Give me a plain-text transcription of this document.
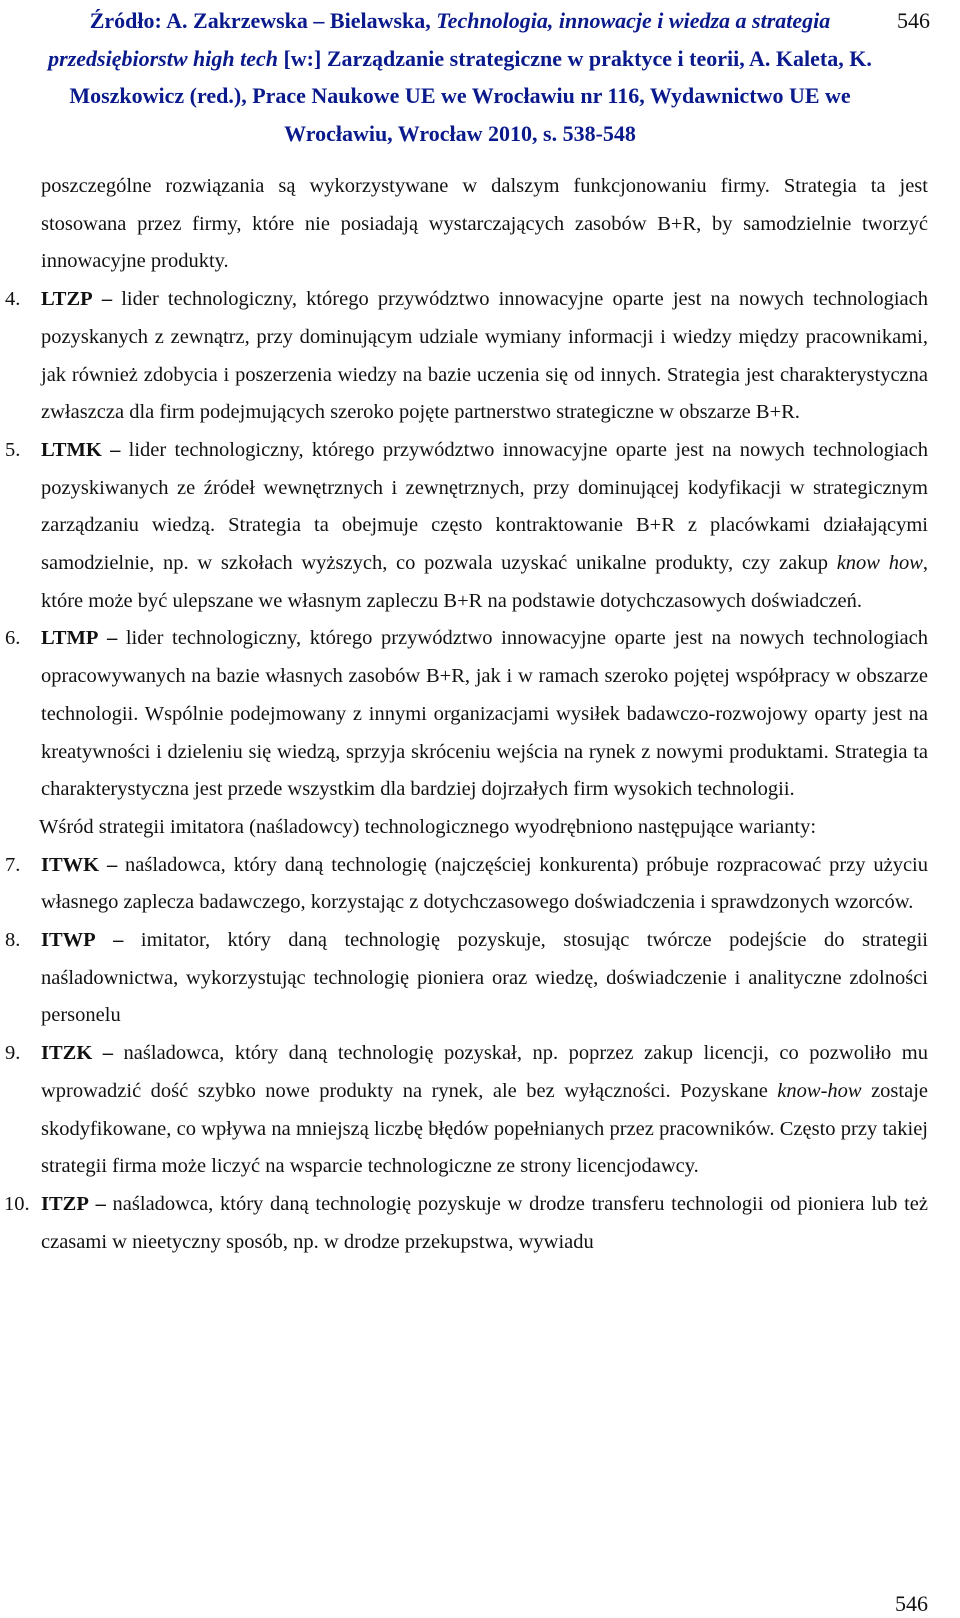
Źródło: A. Zakrzewska – Bielawska, Technologia, innowacje i wiedza a strategia przedsiębiorstw high tech [w:] Zarządzanie strategiczne w praktyce i teorii, A. Kaleta, K. Moszkowicz (red.), Prace Naukowe UE we Wrocławiu nr 116, Wydawnictwo UE we Wrocławiu, Wrocław 2010, s. 538-548
546

poszczególne rozwiązania są wykorzystywane w dalszym funkcjonowaniu firmy. Strategia ta jest stosowana przez firmy, które nie posiadają wystarczających zasobów B+R, by samodzielnie tworzyć innowacyjne produkty.

4. LTZP – lider technologiczny, którego przywództwo innowacyjne oparte jest na nowych technologiach pozyskanych z zewnątrz, przy dominującym udziale wymiany informacji i wiedzy między pracownikami, jak również zdobycia i poszerzenia wiedzy na bazie uczenia się od innych. Strategia jest charakterystyczna zwłaszcza dla firm podejmujących szeroko pojęte partnerstwo strategiczne w obszarze B+R.
5. LTMK – lider technologiczny, którego przywództwo innowacyjne oparte jest na nowych technologiach pozyskiwanych ze źródeł wewnętrznych i zewnętrznych, przy dominującej kodyfikacji w strategicznym zarządzaniu wiedzą. Strategia ta obejmuje często kontraktowanie B+R z placówkami działającymi samodzielnie, np. w szkołach wyższych, co pozwala uzyskać unikalne produkty, czy zakup know how, które może być ulepszane we własnym zapleczu B+R na podstawie dotychczasowych doświadczeń.
6. LTMP – lider technologiczny, którego przywództwo innowacyjne oparte jest na nowych technologiach opracowywanych na bazie własnych zasobów B+R, jak i w ramach szeroko pojętej współpracy w obszarze technologii. Wspólnie podejmowany z innymi organizacjami wysiłek badawczo-rozwojowy oparty jest na kreatywności i dzieleniu się wiedzą, sprzyja skróceniu wejścia na rynek z nowymi produktami. Strategia ta charakterystyczna jest przede wszystkim dla bardziej dojrzałych firm wysokich technologii.

Wśród strategii imitatora (naśladowcy) technologicznego wyodrębniono następujące warianty:

7. ITWK – naśladowca, który daną technologię (najczęściej konkurenta) próbuje rozpracować przy użyciu własnego zaplecza badawczego, korzystając z dotychczasowego doświadczenia i sprawdzonych wzorców.
8. ITWP – imitator, który daną technologię pozyskuje, stosując twórcze podejście do strategii naśladownictwa, wykorzystując technologię pioniera oraz wiedzę, doświadczenie i analityczne zdolności personelu
9. ITZK – naśladowca, który daną technologię pozyskał, np. poprzez zakup licencji, co pozwoliło mu wprowadzić dość szybko nowe produkty na rynek, ale bez wyłączności. Pozyskane know-how zostaje skodyfikowane, co wpływa na mniejszą liczbę błędów popełnianych przez pracowników. Często przy takiej strategii firma może liczyć na wsparcie technologiczne ze strony licencjodawcy.
10. ITZP – naśladowca, który daną technologię pozyskuje w drodze transferu technologii od pioniera lub też czasami w nieetyczny sposób, np. w drodze przekupstwa, wywiadu
546
